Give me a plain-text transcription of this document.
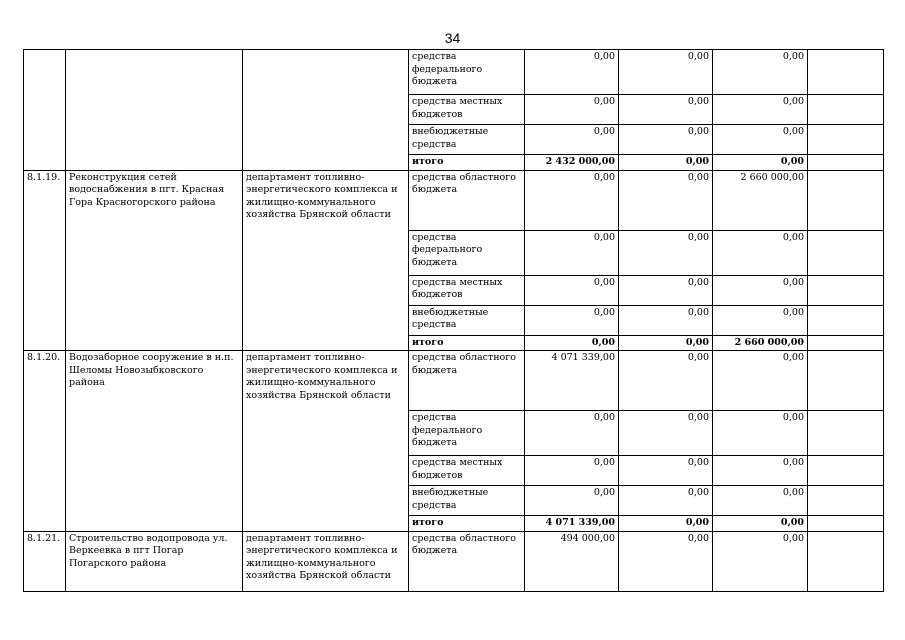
34
			средства федерального бюджета	0,00	0,00	0,00	
			средства местных бюджетов	0,00	0,00	0,00	
			внебюджетные средства	0,00	0,00	0,00	
			итого	2 432 000,00	0,00	0,00	
8.1.19.	Реконструкция сетей водоснабжения в пгт. Красная Гора Красногорского района	департамент топливно-энергетического комплекса и жилищно-коммунального хозяйства Брянской области	средства областного бюджета	0,00	0,00	2 660 000,00	
			средства федерального бюджета	0,00	0,00	0,00	
			средства местных бюджетов	0,00	0,00	0,00	
			внебюджетные средства	0,00	0,00	0,00	
			итого	0,00	0,00	2 660 000,00	
8.1.20.	Водозаборное сооружение в н.п. Шеломы Новозыбковского района	департамент топливно-энергетического комплекса и жилищно-коммунального хозяйства Брянской области	средства областного бюджета	4 071 339,00	0,00	0,00	
			средства федерального бюджета	0,00	0,00	0,00	
			средства местных бюджетов	0,00	0,00	0,00	
			внебюджетные средства	0,00	0,00	0,00	
			итого	4 071 339,00	0,00	0,00	
8.1.21.	Строительство водопровода ул. Веркеевка в пгт Погар Погарского района	департамент топливно-энергетического комплекса и жилищно-коммунального хозяйства Брянской области	средства областного бюджета	494 000,00	0,00	0,00	
